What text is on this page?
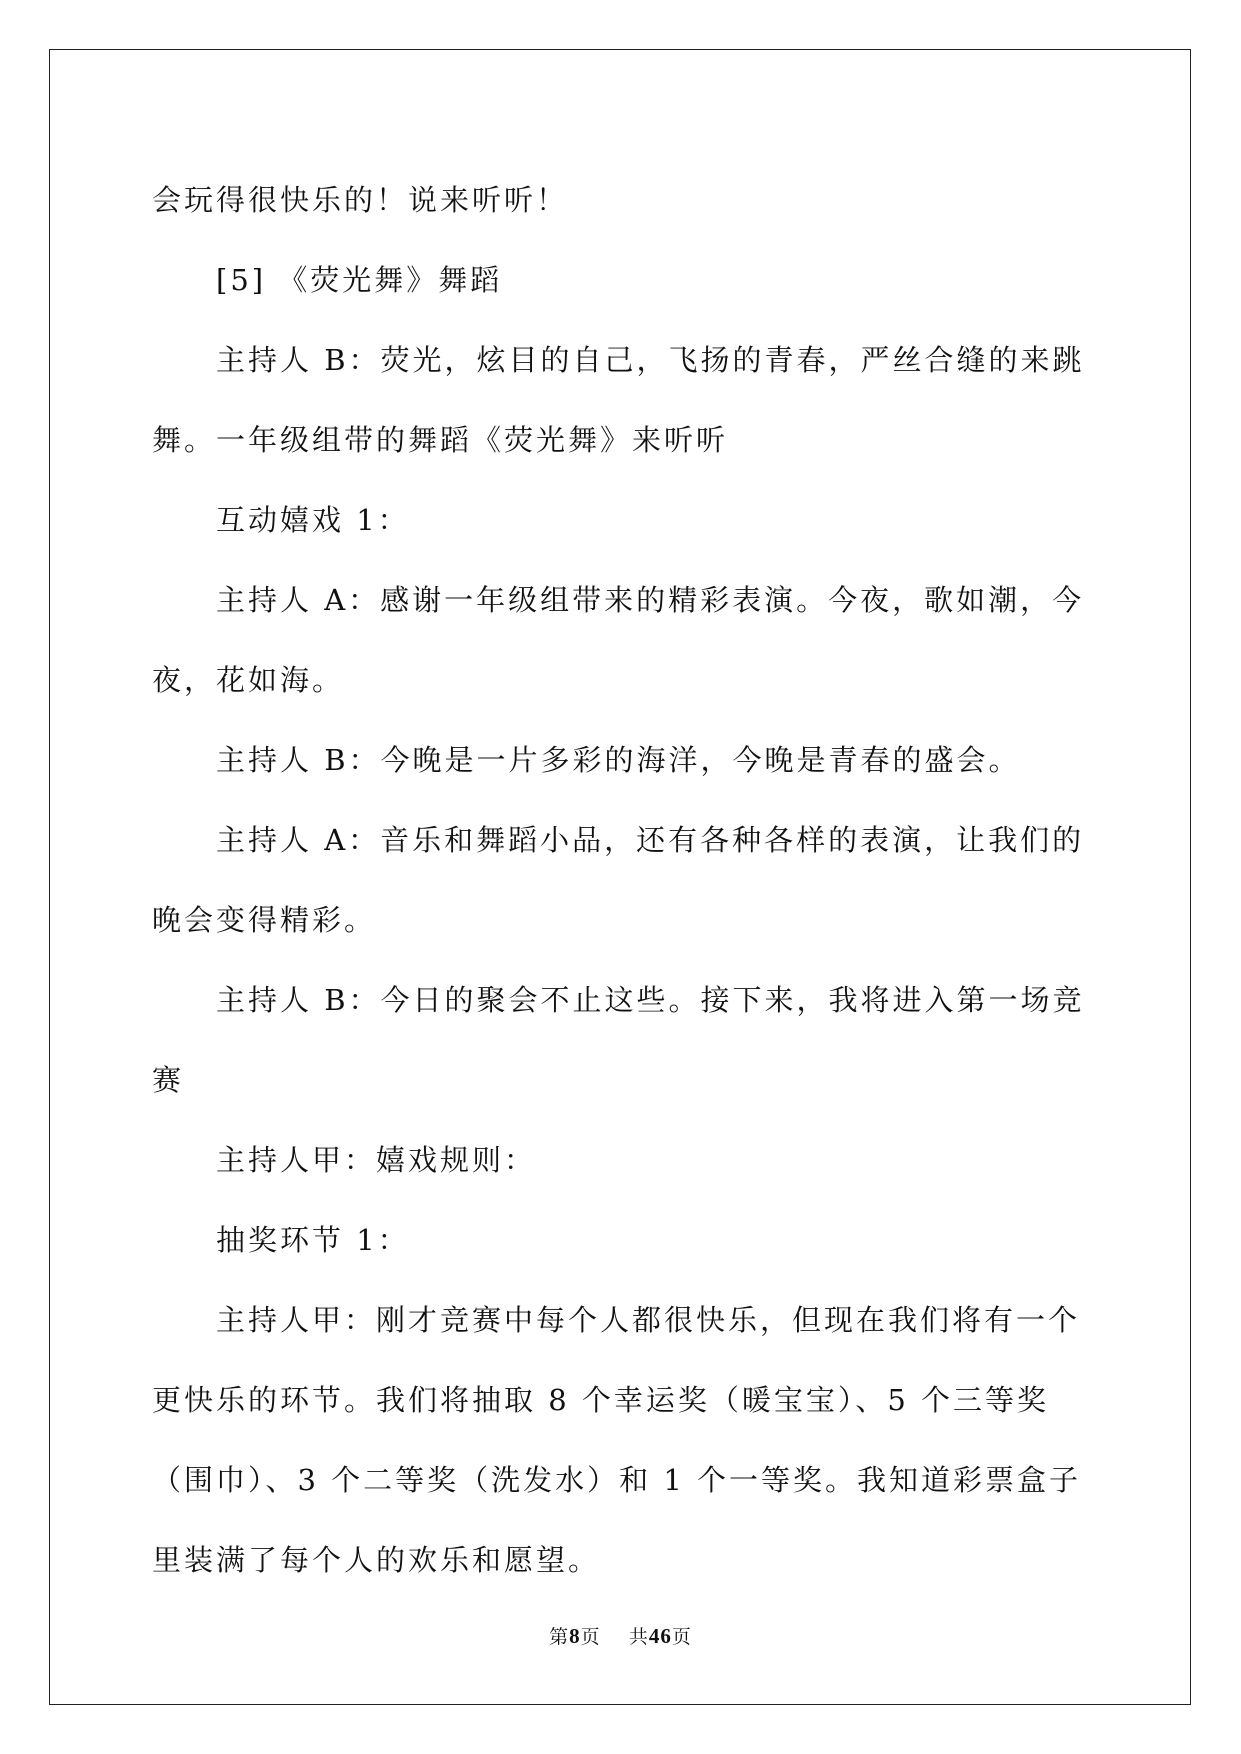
会玩得很快乐的！说来听听！

[5] 《荧光舞》舞蹈

主持人 B：荧光，炫目的自己，飞扬的青春，严丝合缝的来跳舞。一年级组带的舞蹈《荧光舞》来听听

互动嬉戏 1：

主持人 A：感谢一年级组带来的精彩表演。今夜，歌如潮，今夜，花如海。

主持人 B：今晚是一片多彩的海洋，今晚是青春的盛会。

主持人 A：音乐和舞蹈小品，还有各种各样的表演，让我们的晚会变得精彩。

主持人 B：今日的聚会不止这些。接下来，我将进入第一场竞赛

主持人甲：嬉戏规则：

抽奖环节 1：

主持人甲：刚才竞赛中每个人都很快乐，但现在我们将有一个更快乐的环节。我们将抽取 8 个幸运奖（暖宝宝）、5 个三等奖（围巾）、3 个二等奖（洗发水）和 1 个一等奖。我知道彩票盒子里装满了每个人的欢乐和愿望。

第8页 共46页
